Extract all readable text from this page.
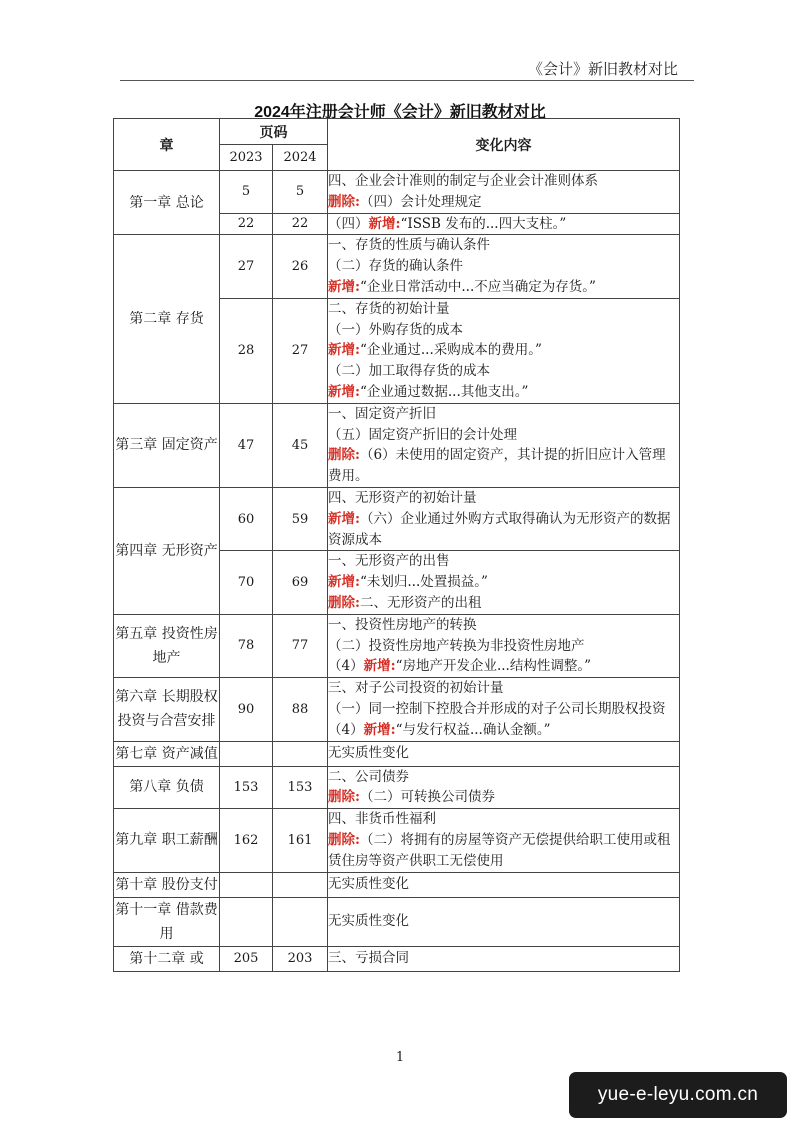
《会计》新旧教材对比
2024年注册会计师《会计》新旧教材对比
章	页码		变化内容
	2023	2024	
第一章 总论	5	5	四、企业会计准则的制定与企业会计准则体系
删除:（四）会计处理规定

	22	22	（四）新增:“ISSB 发布的...四大支柱。”

第二章 存货	27	26	一、存货的性质与确认条件
（二）存货的确认条件
新增:“企业日常活动中...不应当确定为存货。”

	28	27	二、存货的初始计量
（一）外购存货的成本
新增:“企业通过...采购成本的费用。”
（二）加工取得存货的成本
新增:“企业通过数据...其他支出。”

第三章 固定资产	47	45	一、固定资产折旧
（五）固定资产折旧的会计处理
删除:（6）未使用的固定资产，其计提的折旧应计入管理费用。

第四章 无形资产	60	59	四、无形资产的初始计量
新增:（六）企业通过外购方式取得确认为无形资产的数据资源成本

	70	69	一、无形资产的出售
新增:“未划归...处置损益。”
删除:二、无形资产的出租

第五章 投资性房地产	78	77	一、投资性房地产的转换
（二）投资性房地产转换为非投资性房地产
（4）新增:“房地产开发企业...结构性调整。”

第六章 长期股权投资与合营安排	90	88	三、对子公司投资的初始计量
（一）同一控制下控股合并形成的对子公司长期股权投资
（4）新增:“与发行权益...确认金额。”

第七章 资产减值			无实质性变化

第八章 负债	153	153	二、公司债券
删除:（二）可转换公司债券

第九章 职工薪酬	162	161	四、非货币性福利
删除:（二）将拥有的房屋等资产无偿提供给职工使用或租赁住房等资产供职工无偿使用

第十章 股份支付			无实质性变化

第十一章 借款费用			无实质性变化

第十二章 或	205	203	三、亏损合同
1
yue-e-leyu.com.cn
